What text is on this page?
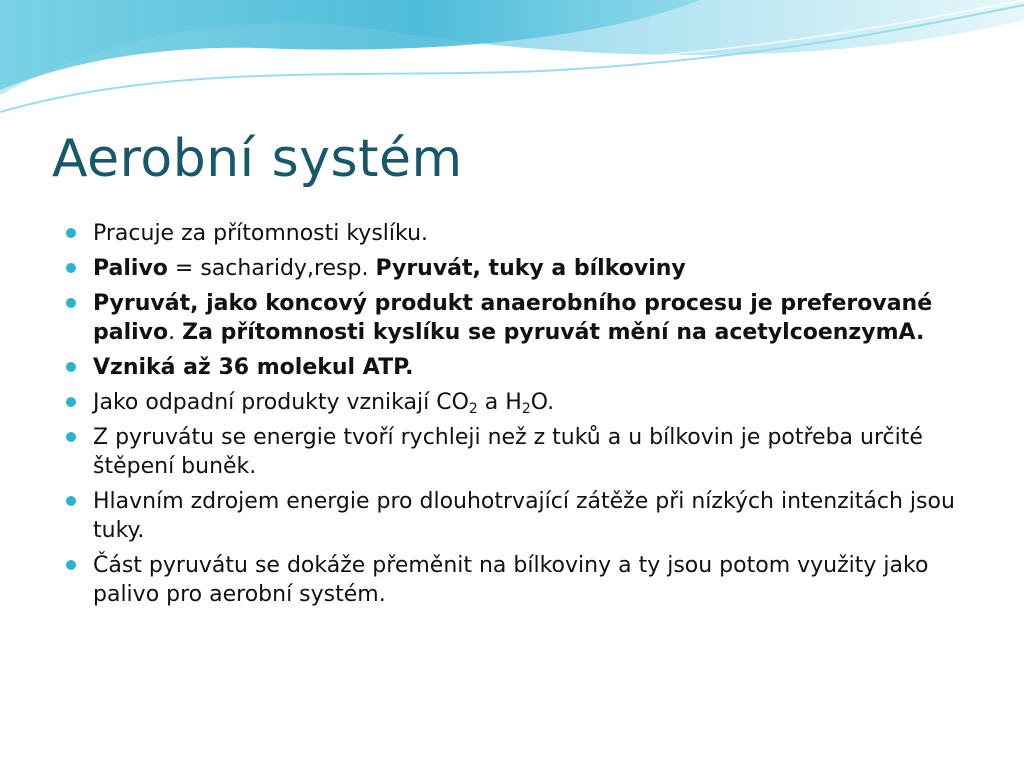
Aerobní systém
Pracuje za přítomnosti kyslíku.
Palivo = sacharidy,resp. Pyruvát, tuky a bílkoviny
Pyruvát, jako koncový produkt anaerobního procesu je preferované palivo. Za přítomnosti kyslíku se pyruvát mění na acetylcoenzymA.
Vzniká až 36 molekul ATP.
Jako odpadní produkty vznikají $CO_2$ a $H_2O$.
Z pyruvátu se energie tvoří rychleji než z tuků a u bílkovin je potřeba určité štěpení buněk.
Hlavním zdrojem energie pro dlouhotrvající zátěže při nízkých intenzitách jsou tuky.
Část pyruvátu se dokáže přeměnit na bílkoviny a ty jsou potom využity jako palivo pro aerobní systém.
